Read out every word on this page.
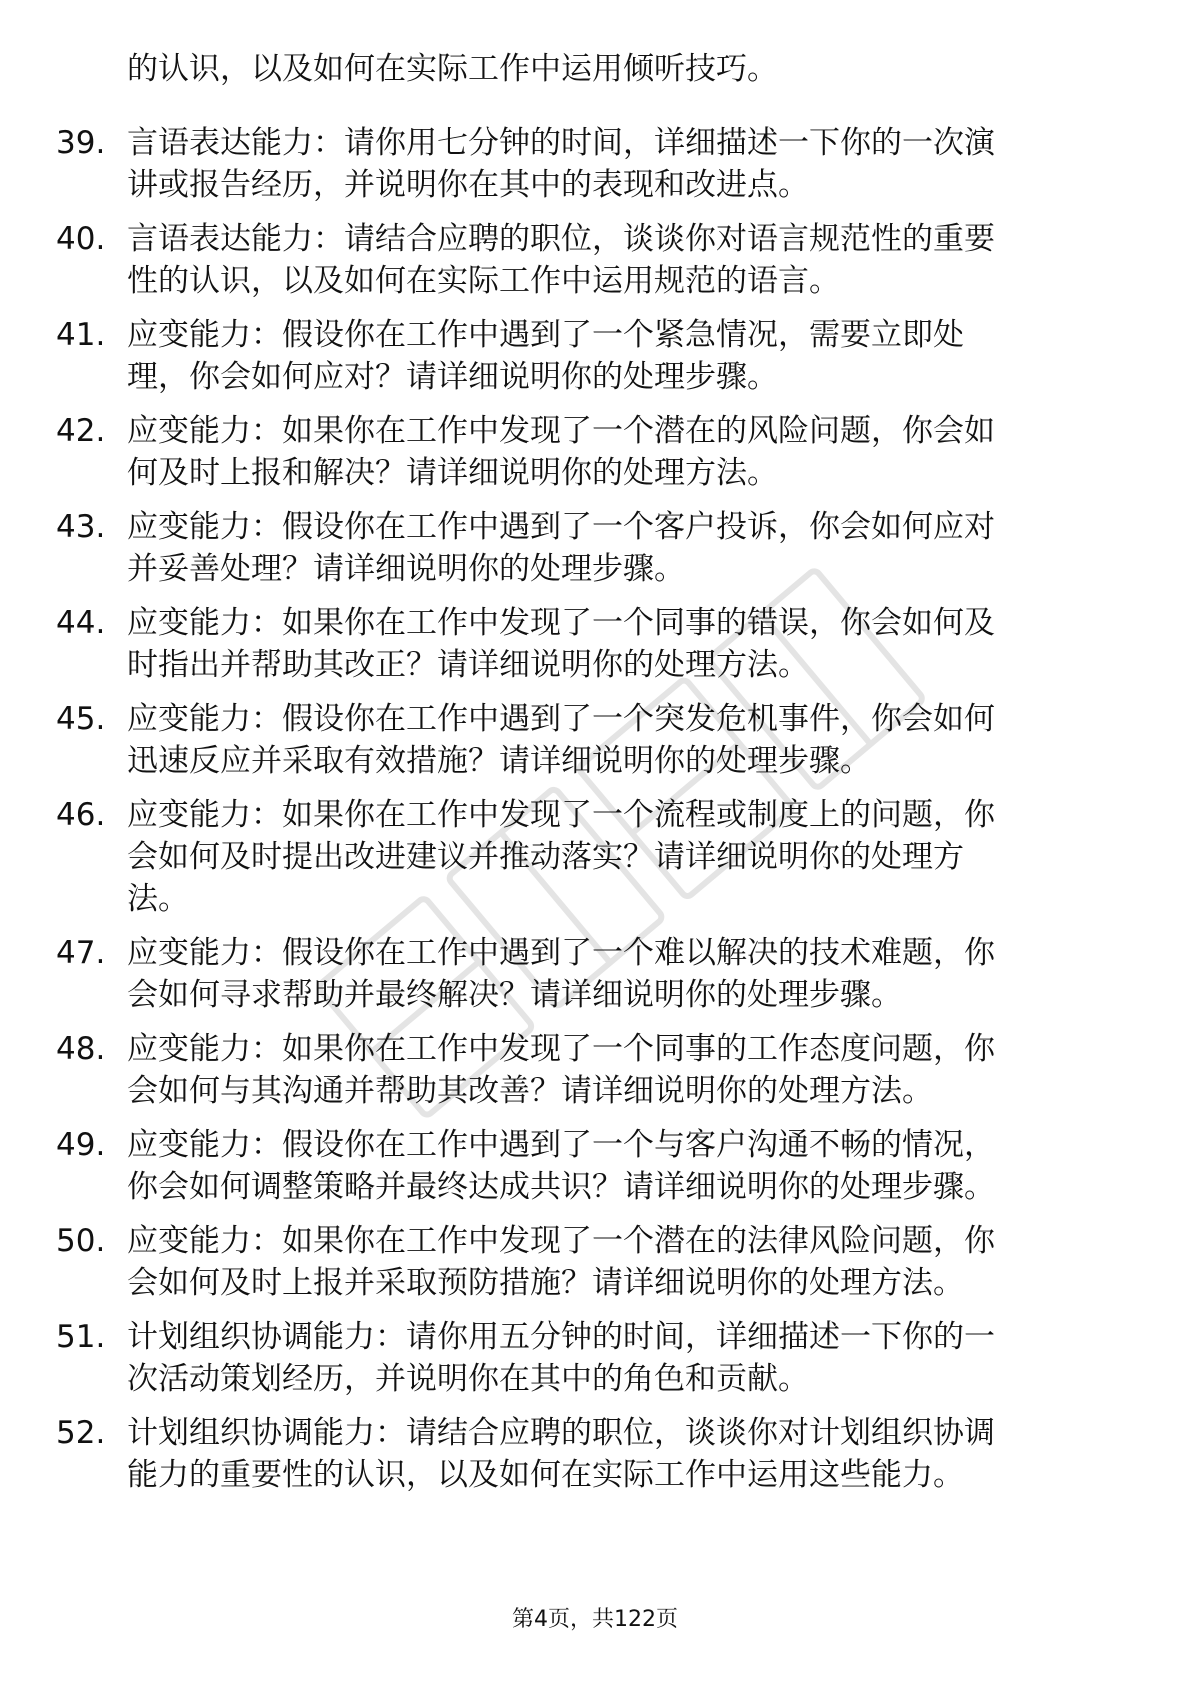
的认识，以及如何在实际工作中运用倾听技巧。
39. 言语表达能力：请你用七分钟的时间，详细描述一下你的一次演
讲或报告经历，并说明你在其中的表现和改进点。
40. 言语表达能力：请结合应聘的职位，谈谈你对语言规范性的重要
性的认识，以及如何在实际工作中运用规范的语言。
41. 应变能力：假设你在工作中遇到了一个紧急情况，需要立即处
理，你会如何应对？请详细说明你的处理步骤。
42. 应变能力：如果你在工作中发现了一个潜在的风险问题，你会如
何及时上报和解决？请详细说明你的处理方法。
43. 应变能力：假设你在工作中遇到了一个客户投诉，你会如何应对
并妥善处理？请详细说明你的处理步骤。
44. 应变能力：如果你在工作中发现了一个同事的错误，你会如何及
时指出并帮助其改正？请详细说明你的处理方法。
45. 应变能力：假设你在工作中遇到了一个突发危机事件，你会如何
迅速反应并采取有效措施？请详细说明你的处理步骤。
46. 应变能力：如果你在工作中发现了一个流程或制度上的问题，你
会如何及时提出改进建议并推动落实？请详细说明你的处理方
法。
47. 应变能力：假设你在工作中遇到了一个难以解决的技术难题，你
会如何寻求帮助并最终解决？请详细说明你的处理步骤。
48. 应变能力：如果你在工作中发现了一个同事的工作态度问题，你
会如何与其沟通并帮助其改善？请详细说明你的处理方法。
49. 应变能力：假设你在工作中遇到了一个与客户沟通不畅的情况，
你会如何调整策略并最终达成共识？请详细说明你的处理步骤。
50. 应变能力：如果你在工作中发现了一个潜在的法律风险问题，你
会如何及时上报并采取预防措施？请详细说明你的处理方法。
51. 计划组织协调能力：请你用五分钟的时间，详细描述一下你的一
次活动策划经历，并说明你在其中的角色和贡献。
52. 计划组织协调能力：请结合应聘的职位，谈谈你对计划组织协调
能力的重要性的认识，以及如何在实际工作中运用这些能力。
第4页，共122页
